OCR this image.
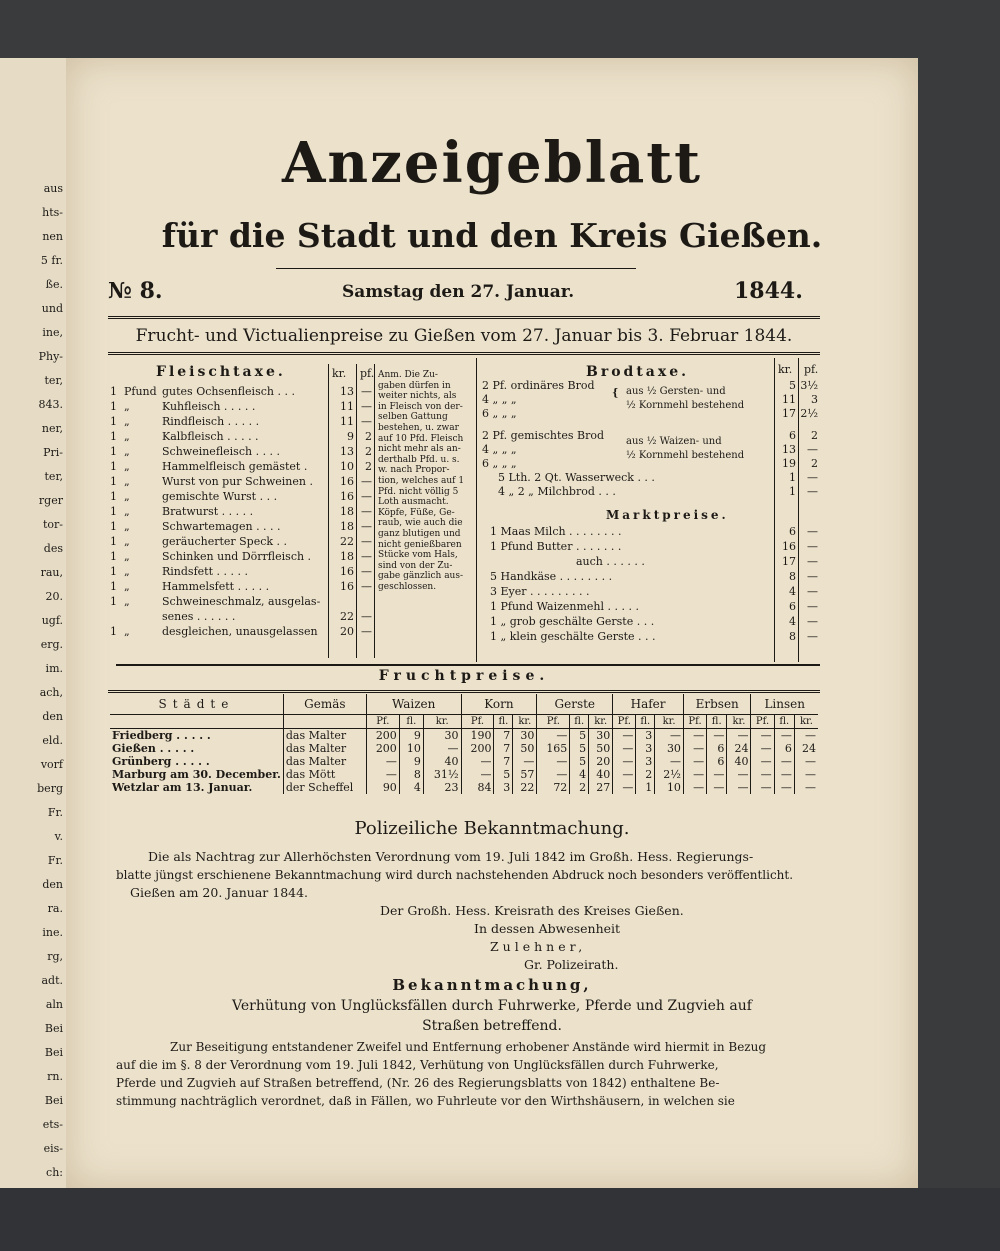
aus
hts-
nen
5 fr.
ße.
und
ine,
Phy-
ter,
843.
ner,
Pri-
ter,
rger
tor-
des
rau,
20.
ugf.
erg.
im.
ach,
den
eld.
vorf
berg
Fr.
v.
Fr.
den
ra.
ine.
rg,
adt.
aln
Bei
Bei
rn.
Bei
ets-
eis-
ch:
Anzeigeblatt
für die Stadt und den Kreis Gießen.
№ 8.	Samstag den 27. Januar.	1844.
Frucht- und Victualienpreise zu Gießen vom 27. Januar bis 3. Februar 1844.
Fleischtaxe.	kr. pf. Anm. Die Zu-
gaben dürfen in
weiter nichts, als
in Fleisch von der-
selben Gattung
bestehen, u. zwar
auf 10 Pfd. Fleisch
nicht mehr als an-
derthalb Pfd. u. s.
w. nach Propor-
tion, welches auf 1
Pfd. nicht völlig 5
Loth ausmacht.
Köpfe, Füße, Ge-
raub, wie auch die
ganz blutigen und
nicht genießbaren
Stücke vom Hals,
sind von der Zu-
gabe gänzlich aus-
geschlossen.
Brodtaxe.	kr. pf.
{ aus ½ Gersten- und
½ Kornmehl bestehend
aus ½ Waizen- und
½ Kornmehl bestehend
Marktpreise.
Fruchtpreise.
Städte	Gemäs	Waizen			Korn			Gerste			Hafer			Erbsen			Linsen		
		Pf.	fl.	kr.	Pf.	fl.	kr.	Pf.	fl.	kr.	Pf.	fl.	kr.	Pf.	fl.	kr.	Pf.	fl.	kr.
Friedberg . . . . .	das Malter	200	9	30	190	7	30	—	5	30	—	3	—	—	—	—	—	—	—
Gießen . . . . .	das Malter	200	10	—	200	7	50	165	5	50	—	3	30	—	6	24	—	6	24
Grünberg . . . . .	das Malter	—	9	40	—	7	—	—	5	20	—	3	—	—	6	40	—	—	—
Marburg am 30. December.	das Mött	—	8	31½	—	5	57	—	4	40	—	2	2½	—	—	—	—	—	—
Wetzlar am 13. Januar.	der Scheffel	90	4	23	84	3	22	72	2	27	—	1	10	—	—	—	—	—	—
Polizeiliche Bekanntmachung.
Die als Nachtrag zur Allerhöchsten Verordnung vom 19. Juli 1842 im Großh. Hess. Regierungs-
blatte jüngst erschienene Bekanntmachung wird durch nachstehenden Abdruck noch besonders veröffentlicht.
Gießen am 20. Januar 1844.
Der Großh. Hess. Kreisrath des Kreises Gießen.
In dessen Abwesenheit
Zulehner,
Gr. Polizeirath.
Bekanntmachung,
Verhütung von Unglücksfällen durch Fuhrwerke, Pferde und Zugvieh auf
Straßen betreffend.
Zur Beseitigung entstandener Zweifel und Entfernung erhobener Anstände wird hiermit in Bezug
auf die im §. 8 der Verordnung vom 19. Juli 1842, Verhütung von Unglücksfällen durch Fuhrwerke,
Pferde und Zugvieh auf Straßen betreffend, (Nr. 26 des Regierungsblatts von 1842) enthaltene Be-
stimmung nachträglich verordnet, daß in Fällen, wo Fuhrleute vor den Wirthshäusern, in welchen sie
1 Pfund gutes Ochsenfleisch . . .	13 —
1 „	Kuhfleisch . . . . .	11 —
1 „	Rindfleisch . . . . .	11 —
1 „	Kalbfleisch . . . . .	9	2
1 „	Schweinefleisch . . . .	13	2
1 „	Hammelfleisch gemästet .	10	2
1 „	Wurst von pur Schweinen .	16 —
1 „	gemischte Wurst . . .	16 —
1 „	Bratwurst . . . . .	18 —
1 „	Schwartemagen . . . .	18 —
1 „	geräucherter Speck . .	22 —
1 „	Schinken und Dörrfleisch .	18 —
1 „	Rindsfett . . . . .	16 —
1 „	Hammelsfett . . . . .	16 —
1 „	Schweineschmalz, ausgelas-
senes . . . . . .	22 —
1 „	desgleichen, unausgelassen	20 —
2 Pf. ordinäres Brod	5 3½
4 „ „ „	11	3
6 „ „ „	17 2½
2 Pf. gemischtes Brod	6	2
4 „ „ „	13	—
6 „ „ „	19	2
5 Lth. 2 Qt. Wasserweck . . .	1	—
4 „ 2 „ Milchbrod . . .	1	—
1 Maas Milch . . . . . . . .	6	—
1 Pfund Butter . . . . . . .	16	—
auch . . . . . .	17	—
5 Handkäse . . . . . . . .	8	—
3 Eyer . . . . . . . . .	4	—
1 Pfund Waizenmehl . . . . .	6	—
1 „ grob geschälte Gerste . . .	4	—
1 „ klein geschälte Gerste . . .	8	—
